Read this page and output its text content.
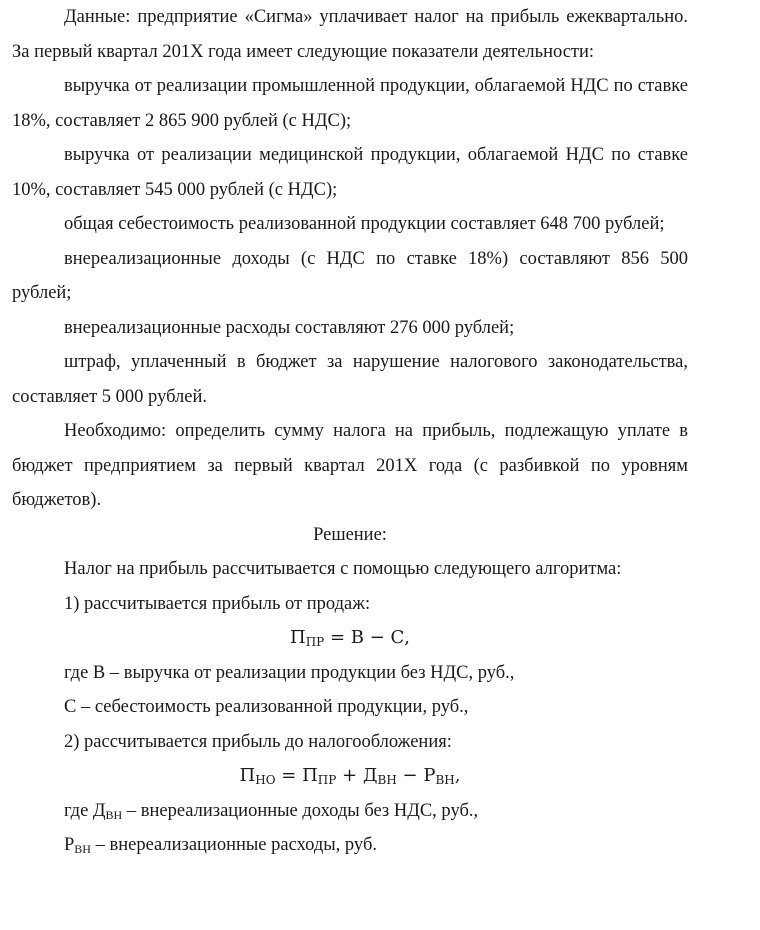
Данные: предприятие «Сигма» уплачивает налог на прибыль ежеквартально. За первый квартал 201X года имеет следующие показатели деятельности:

выручка от реализации промышленной продукции, облагаемой НДС по ставке 18%, составляет 2 865 900 рублей (с НДС);

выручка от реализации медицинской продукции, облагаемой НДС по ставке 10%, составляет 545 000 рублей (с НДС);

общая себестоимость реализованной продукции составляет 648 700 рублей;

внереализационные доходы (с НДС по ставке 18%) составляют 856 500 рублей;

внереализационные расходы составляют 276 000 рублей;

штраф, уплаченный в бюджет за нарушение налогового законодательства, составляет 5 000 рублей.

Необходимо: определить сумму налога на прибыль, подлежащую уплате в бюджет предприятием за первый квартал 201X года (с разбивкой по уровням бюджетов).

Решение:

Налог на прибыль рассчитывается с помощью следующего алгоритма:

1) рассчитывается прибыль от продаж:

$П_{ПР} = В - С$,

где В – выручка от реализации продукции без НДС, руб.,

С – себестоимость реализованной продукции, руб.,

2) рассчитывается прибыль до налогообложения:

$П_{НО} = П_{ПР} + Д_{ВН} - Р_{ВН}$,

где $Д_{ВН}$ – внереализационные доходы без НДС, руб.,

$Р_{ВН}$ – внереализационные расходы, руб.
